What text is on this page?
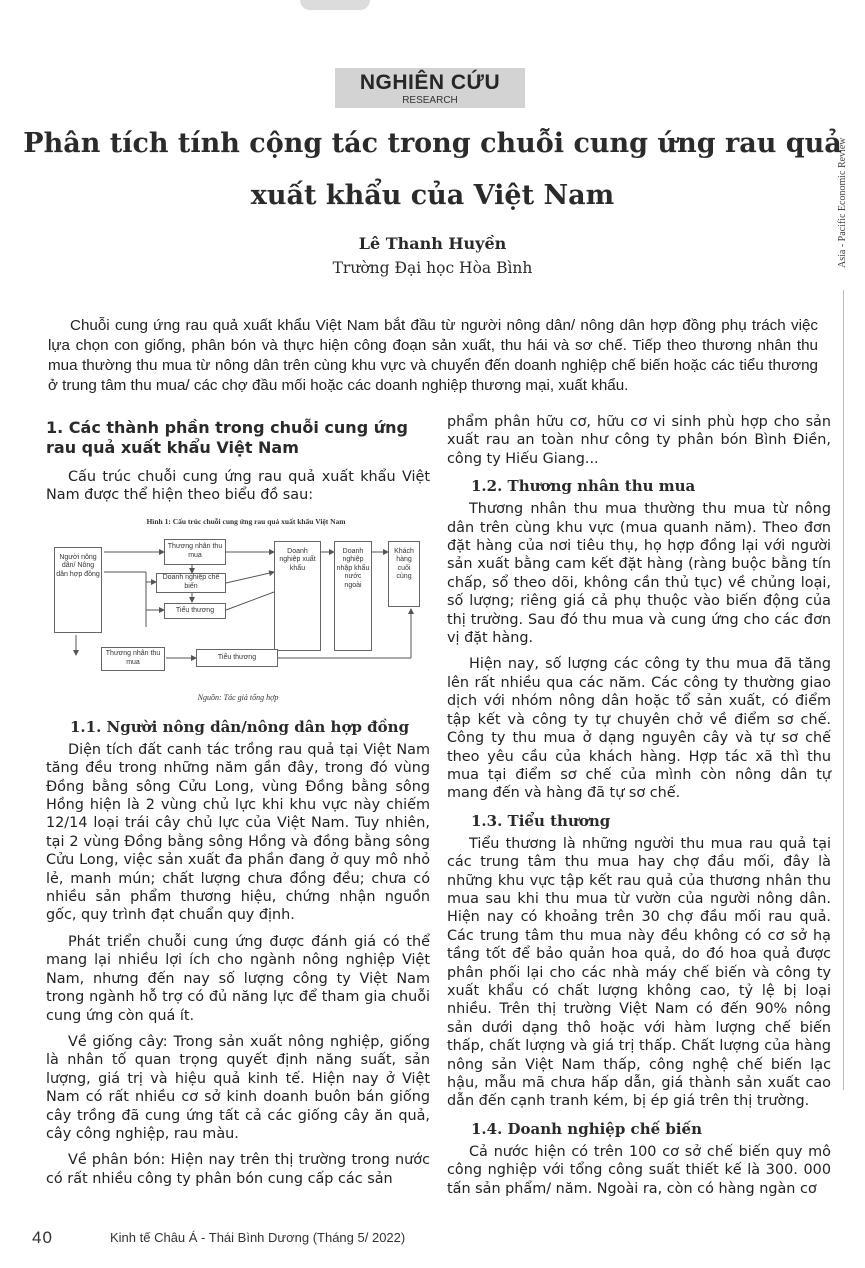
NGHIÊN CỨU
RESEARCH
Asia - Pacific Economic Review
Phân tích tính cộng tác trong chuỗi cung ứng rau quả xuất khẩu của Việt Nam
Lê Thanh Huyền
Trường Đại học Hòa Bình

Chuỗi cung ứng rau quả xuất khẩu Việt Nam bắt đầu từ người nông dân/ nông dân hợp đồng phụ trách việc lựa chọn con giống, phân bón và thực hiện công đoạn sản xuất, thu hái và sơ chế. Tiếp theo thương nhân thu mua thường thu mua từ nông dân trên cùng khu vực và chuyển đến doanh nghiệp chế biến hoặc các tiểu thương ở trung tâm thu mua/ các chợ đầu mối hoặc các doanh nghiệp thương mại, xuất khẩu.

1. Các thành phần trong chuỗi cung ứng rau quả xuất khẩu Việt Nam

Cấu trúc chuỗi cung ứng rau quả xuất khẩu Việt Nam được thể hiện theo biểu đồ sau:

Hình 1: Cấu trúc chuỗi cung ứng rau quả xuất khẩu Việt Nam
Người nông dân/ Nông dân hợp đồng
Thương nhân thu mua
Doanh nghiệp chế biến
Tiểu thương
Doanh nghiệp xuất khẩu
Doanh nghiệp nhập khẩu nước ngoài
Khách hàng cuối cùng
Thương nhân thu mua
Tiểu thương
Nguồn: Tác giả tổng hợp
1.1. Người nông dân/nông dân hợp đồng

Diện tích đất canh tác trồng rau quả tại Việt Nam tăng đều trong những năm gần đây, trong đó vùng Đồng bằng sông Cửu Long, vùng Đồng bằng sông Hồng hiện là 2 vùng chủ lực khi khu vực này chiếm 12/14 loại trái cây chủ lực của Việt Nam. Tuy nhiên, tại 2 vùng Đồng bằng sông Hồng và đồng bằng sông Cửu Long, việc sản xuất đa phần đang ở quy mô nhỏ lẻ, manh mún; chất lượng chưa đồng đều; chưa có nhiều sản phẩm thương hiệu, chứng nhận nguồn gốc, quy trình đạt chuẩn quy định.

Phát triển chuỗi cung ứng được đánh giá có thể mang lại nhiều lợi ích cho ngành nông nghiệp Việt Nam, nhưng đến nay số lượng công ty Việt Nam trong ngành hỗ trợ có đủ năng lực để tham gia chuỗi cung ứng còn quá ít.

Về giống cây: Trong sản xuất nông nghiệp, giống là nhân tố quan trọng quyết định năng suất, sản lượng, giá trị và hiệu quả kinh tế. Hiện nay ở Việt Nam có rất nhiều cơ sở kinh doanh buôn bán giống cây trồng đã cung ứng tất cả các giống cây ăn quả, cây công nghiệp, rau màu.

Về phân bón: Hiện nay trên thị trường trong nước có rất nhiều công ty phân bón cung cấp các sản

phẩm phân hữu cơ, hữu cơ vi sinh phù hợp cho sản xuất rau an toàn như công ty phân bón Bình Điền, công ty Hiếu Giang...

1.2. Thương nhân thu mua

Thương nhân thu mua thường thu mua từ nông dân trên cùng khu vực (mua quanh năm). Theo đơn đặt hàng của nơi tiêu thụ, họ hợp đồng lại với người sản xuất bằng cam kết đặt hàng (ràng buộc bằng tín chấp, sổ theo dõi, không cần thủ tục) về chủng loại, số lượng; riêng giá cả phụ thuộc vào biến động của thị trường. Sau đó thu mua và cung ứng cho các đơn vị đặt hàng.

Hiện nay, số lượng các công ty thu mua đã tăng lên rất nhiều qua các năm. Các công ty thường giao dịch với nhóm nông dân hoặc tổ sản xuất, có điểm tập kết và công ty tự chuyên chở về điểm sơ chế. Công ty thu mua ở dạng nguyên cây và tự sơ chế theo yêu cầu của khách hàng. Hợp tác xã thì thu mua tại điểm sơ chế của mình còn nông dân tự mang đến và hàng đã tự sơ chế.

1.3. Tiểu thương

Tiểu thương là những người thu mua rau quả tại các trung tâm thu mua hay chợ đầu mối, đây là những khu vực tập kết rau quả của thương nhân thu mua sau khi thu mua từ vườn của người nông dân. Hiện nay có khoảng trên 30 chợ đầu mối rau quả. Các trung tâm thu mua này đều không có cơ sở hạ tầng tốt để bảo quản hoa quả, do đó hoa quả được phân phối lại cho các nhà máy chế biến và công ty xuất khẩu có chất lượng không cao, tỷ lệ bị loại nhiều. Trên thị trường Việt Nam có đến 90% nông sản dưới dạng thô hoặc với hàm lượng chế biến thấp, chất lượng và giá trị thấp. Chất lượng của hàng nông sản Việt Nam thấp, công nghệ chế biến lạc hậu, mẫu mã chưa hấp dẫn, giá thành sản xuất cao dẫn đến cạnh tranh kém, bị ép giá trên thị trường.

1.4. Doanh nghiệp chế biến

Cả nước hiện có trên 100 cơ sở chế biến quy mô công nghiệp với tổng công suất thiết kế là 300. 000 tấn sản phẩm/ năm. Ngoài ra, còn có hàng ngàn cơ

40	Kinh tế Châu Á - Thái Bình Dương (Tháng 5/ 2022)
